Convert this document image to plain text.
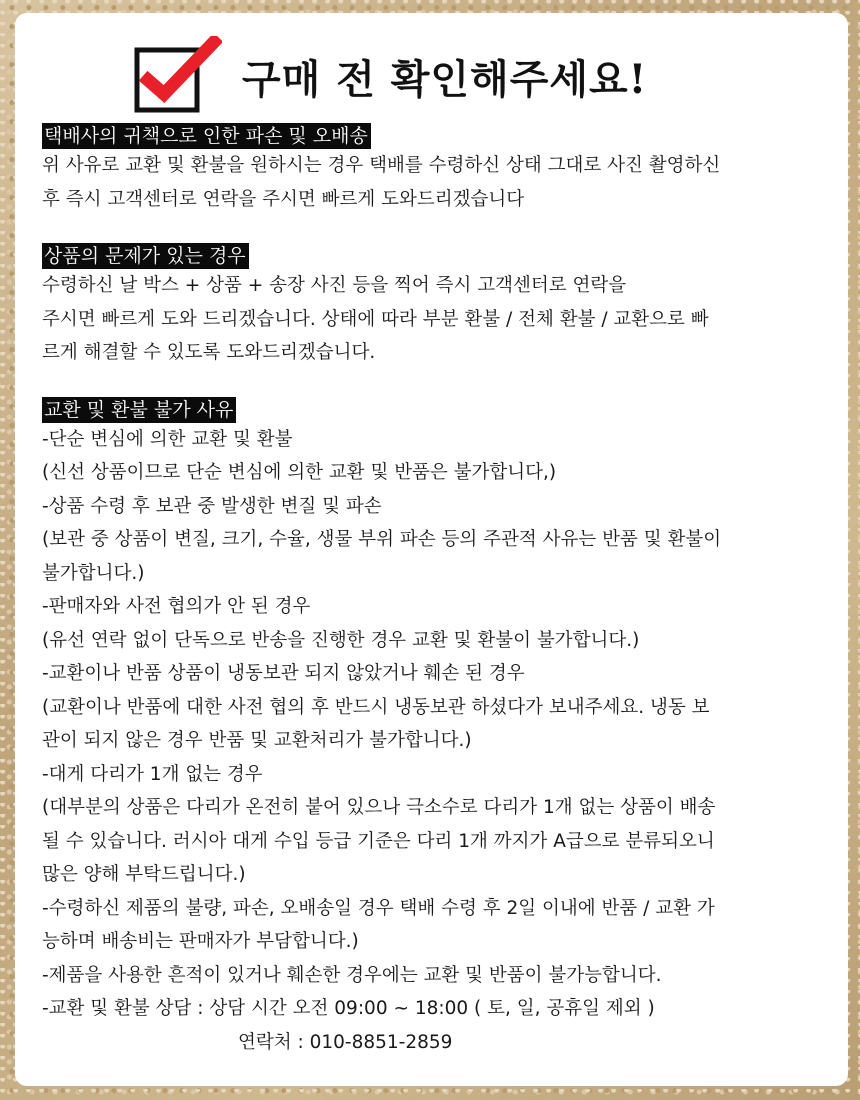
구매 전 확인해주세요!
택배사의 귀책으로 인한 파손 및 오배송
위 사유로 교환 및 환불을 원하시는 경우 택배를 수령하신 상태 그대로 사진 촬영하신
후 즉시 고객센터로 연락을 주시면 빠르게 도와드리겠습니다
상품의 문제가 있는 경우
수령하신 날 박스 + 상품 + 송장 사진 등을 찍어 즉시 고객센터로 연락을
주시면 빠르게 도와 드리겠습니다. 상태에 따라 부분 환불 / 전체 환불 / 교환으로 빠
르게 해결할 수 있도록 도와드리겠습니다.
교환 및 환불 불가 사유
-단순 변심에 의한 교환 및 환불
(신선 상품이므로 단순 변심에 의한 교환 및 반품은 불가합니다,)
-상품 수령 후 보관 중 발생한 변질 및 파손
(보관 중 상품이 변질, 크기, 수율, 생물 부위 파손 등의 주관적 사유는 반품 및 환불이
불가합니다.)
-판매자와 사전 협의가 안 된 경우
(유선 연락 없이 단독으로 반송을 진행한 경우 교환 및 환불이 불가합니다.)
-교환이나 반품 상품이 냉동보관 되지 않았거나 훼손 된 경우
(교환이나 반품에 대한 사전 협의 후 반드시 냉동보관 하셨다가 보내주세요. 냉동 보
관이 되지 않은 경우 반품 및 교환처리가 불가합니다.)
-대게 다리가 1개 없는 경우
(대부분의 상품은 다리가 온전히 붙어 있으나 극소수로 다리가 1개 없는 상품이 배송
될 수 있습니다. 러시아 대게 수입 등급 기준은 다리 1개 까지가 A급으로 분류되오니
많은 양해 부탁드립니다.)
-수령하신 제품의 불량, 파손, 오배송일 경우 택배 수령 후 2일 이내에 반품 / 교환 가
능하며 배송비는 판매자가 부담합니다.)
-제품을 사용한 흔적이 있거나 훼손한 경우에는 교환 및 반품이 불가능합니다.
-교환 및 환불 상담 : 상담 시간 오전 09:00 ~ 18:00 ( 토, 일, 공휴일 제외 )
연락처 : 010-8851-2859
